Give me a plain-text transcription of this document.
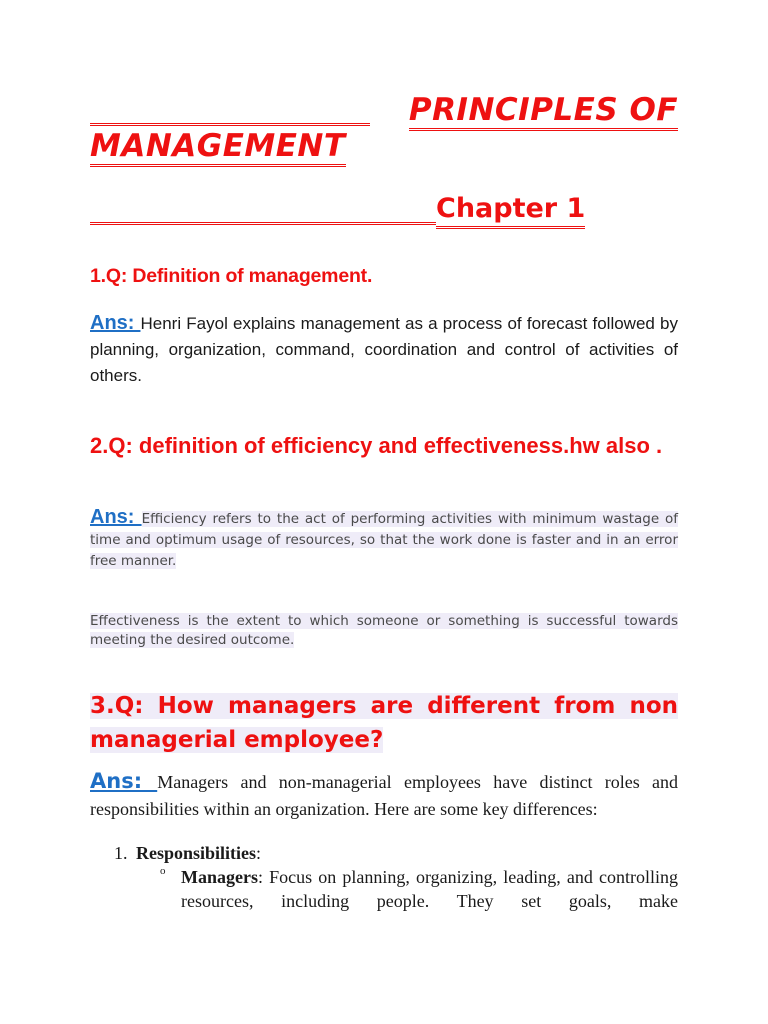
PRINCIPLES OF
MANAGEMENT
Chapter 1
1.Q: Definition of management.
Ans: Henri Fayol explains management as a process of forecast followed by planning, organization, command, coordination and control of activities of others.
2.Q: definition of efficiency and effectiveness.hw also .
Ans: Efficiency refers to the act of performing activities with minimum wastage of time and optimum usage of resources, so that the work done is faster and in an error free manner.
Effectiveness is the extent to which someone or something is successful towards meeting the desired outcome.
3.Q: How managers are different from non managerial employee?
Ans: Managers and non-managerial employees have distinct roles and responsibilities within an organization. Here are some key differences:
1. Responsibilities:
o Managers: Focus on planning, organizing, leading, and controlling resources, including people. They set goals, make
